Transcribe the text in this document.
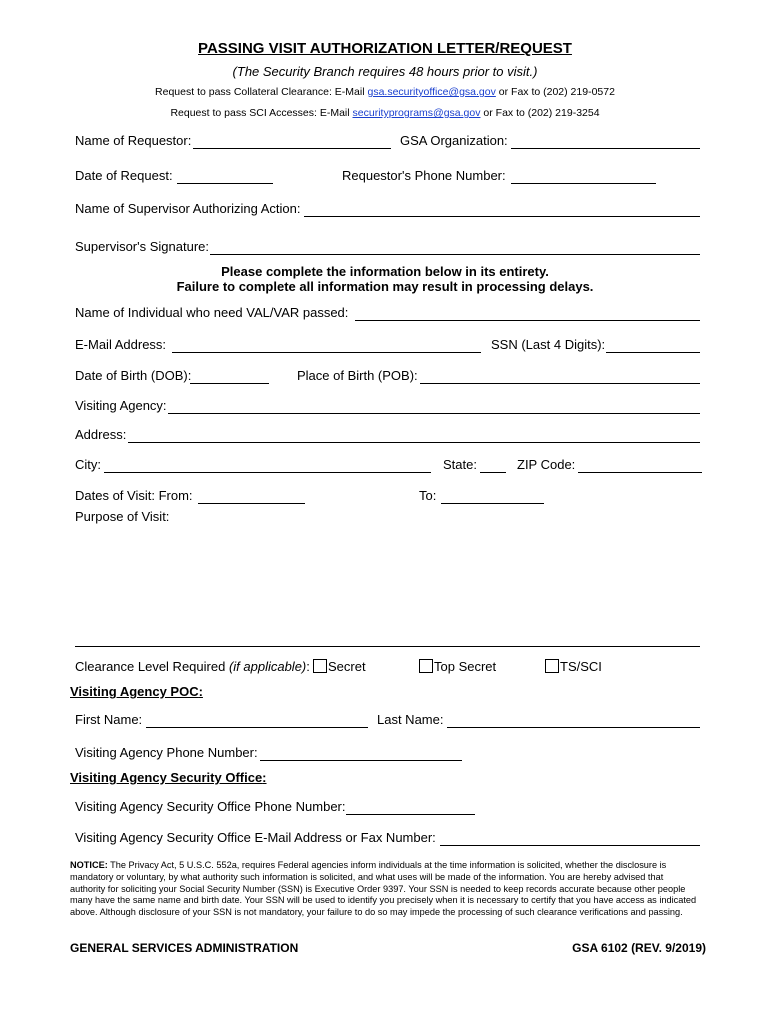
PASSING VISIT AUTHORIZATION LETTER/REQUEST
(The Security Branch requires 48 hours prior to visit.)
Request to pass Collateral Clearance: E-Mail gsa.securityoffice@gsa.gov or Fax to (202) 219-0572
Request to pass SCI Accesses: E-Mail securityprograms@gsa.gov or Fax to (202) 219-3254
Name of Requestor:	GSA Organization:
Date of Request:	Requestor's Phone Number:
Name of Supervisor Authorizing Action:
Supervisor's Signature:
Please complete the information below in its entirety.
Failure to complete all information may result in processing delays.
Name of Individual who need VAL/VAR passed:
E-Mail Address:	SSN (Last 4 Digits):
Date of Birth (DOB):	Place of Birth (POB):
Visiting Agency:
Address:
City:	State:	ZIP Code:
Dates of Visit: From:	To:
Purpose of Visit:
Clearance Level Required (if applicable): Secret	Top Secret	TS/SCI
Visiting Agency POC:
First Name:	Last Name:
Visiting Agency Phone Number:
Visiting Agency Security Office:
Visiting Agency Security Office Phone Number:
Visiting Agency Security Office E-Mail Address or Fax Number:
NOTICE: The Privacy Act, 5 U.S.C. 552a, requires Federal agencies inform individuals at the time information is solicited, whether the disclosure is mandatory or voluntary, by what authority such information is solicited, and what uses will be made of the information. You are hereby advised that authority for soliciting your Social Security Number (SSN) is Executive Order 9397. Your SSN is needed to keep records accurate because other people many have the same name and birth date. Your SSN will be used to identify you precisely when it is necessary to certify that you have access as indicated above. Although disclosure of your SSN is not mandatory, your failure to do so may impede the processing of such clearance verifications and passing.
GENERAL SERVICES ADMINISTRATION	GSA 6102 (REV. 9/2019)
